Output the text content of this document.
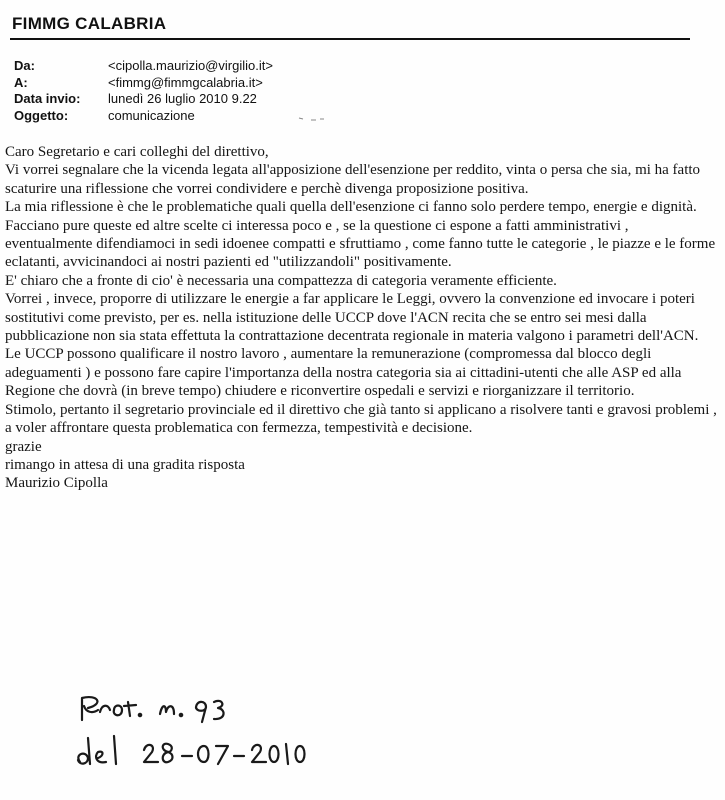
FIMMG CALABRIA
Da:	<cipolla.maurizio@virgilio.it>
A:	<fimmg@fimmgcalabria.it>
Data invio:	lunedì 26 luglio 2010 9.22
Oggetto:	comunicazione

Caro Segretario e cari colleghi del direttivo,

Vi vorrei segnalare che la vicenda legata all'apposizione dell'esenzione per reddito, vinta o persa che sia, mi ha fatto scaturire una riflessione che vorrei condividere e perchè divenga proposizione positiva.

La mia riflessione è che le problematiche quali quella dell'esenzione ci fanno solo perdere tempo, energie e dignità.

Facciano pure queste ed altre scelte ci interessa poco e , se la questione ci espone a fatti amministrativi , eventualmente difendiamoci in sedi idoenee compatti e sfruttiamo , come fanno tutte le categorie , le piazze e le forme eclatanti, avvicinandoci ai nostri pazienti ed "utilizzandoli" positivamente.

E' chiaro che a fronte di cio' è necessaria una compattezza di categoria veramente efficiente.

Vorrei , invece, proporre di utilizzare le energie a far applicare le Leggi, ovvero la convenzione ed invocare i poteri sostitutivi come previsto, per es. nella istituzione delle UCCP dove l'ACN recita che se entro sei mesi dalla pubblicazione non sia stata effettuta la contrattazione decentrata regionale in materia valgono i parametri dell'ACN.

Le UCCP possono qualificare il nostro lavoro , aumentare la remunerazione (compromessa dal blocco degli adeguamenti ) e possono fare capire l'importanza della nostra categoria sia ai cittadini-utenti che alle ASP ed alla Regione che dovrà (in breve tempo) chiudere e riconvertire ospedali e servizi e riorganizzare il territorio.

Stimolo, pertanto il segretario provinciale ed il direttivo che già tanto si applicano a risolvere tanti e gravosi problemi , a voler affrontare questa problematica con fermezza, tempestività e decisione.

grazie

rimango in attesa di una gradita risposta

Maurizio Cipolla
